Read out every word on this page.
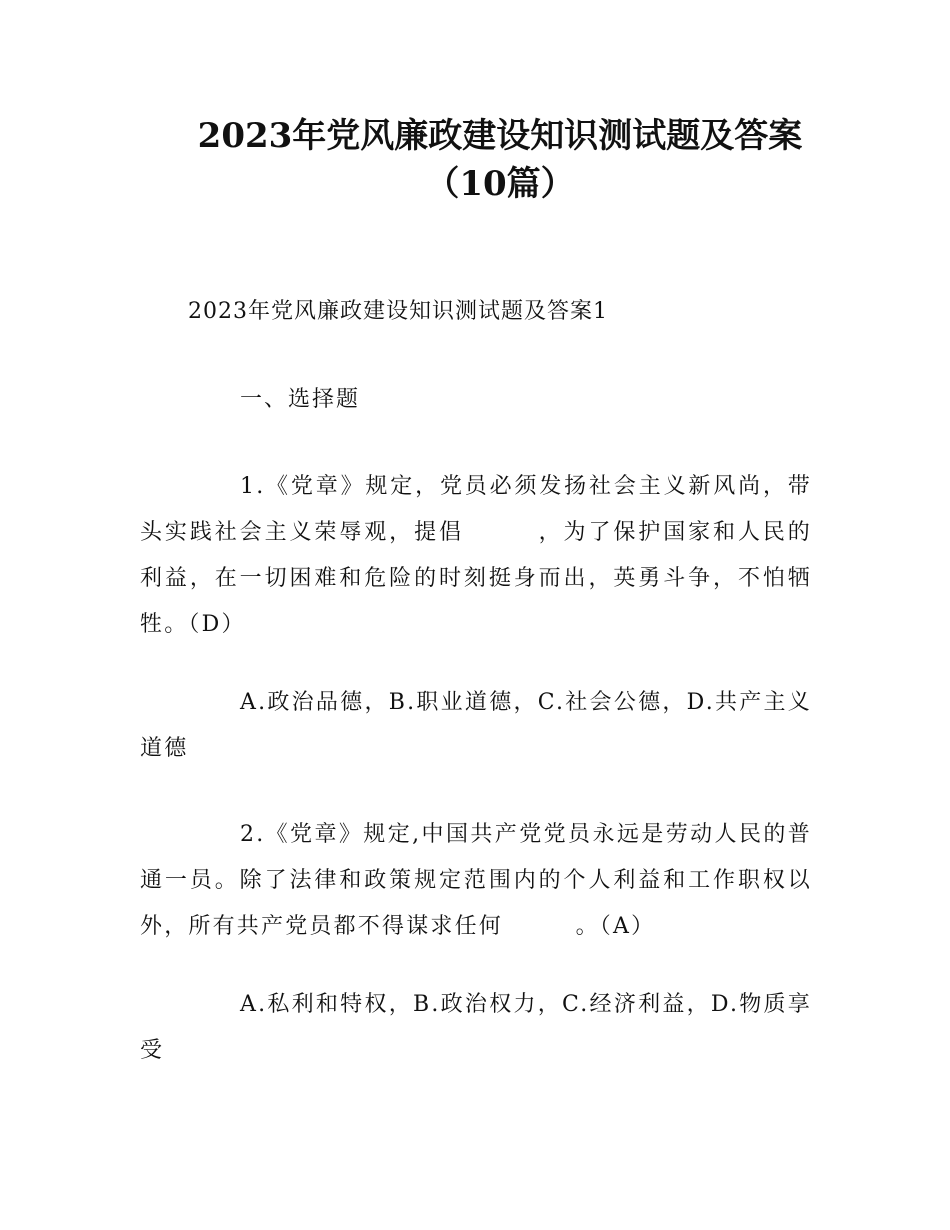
2023年党风廉政建设知识测试题及答案
（10篇）
2023年党风廉政建设知识测试题及答案1
一、选择题

1.《党章》规定，党员必须发扬社会主义新风尚，带头实践社会主义荣辱观，提倡　　　，为了保护国家和人民的利益，在一切困难和危险的时刻挺身而出，英勇斗争，不怕牺牲。（D）

A.政治品德，B.职业道德，C.社会公德，D.共产主义道德

2.《党章》规定,中国共产党党员永远是劳动人民的普通一员。除了法律和政策规定范围内的个人利益和工作职权以外，所有共产党员都不得谋求任何　　　。（A）

A.私利和特权，B.政治权力，C.经济利益，D.物质享受
